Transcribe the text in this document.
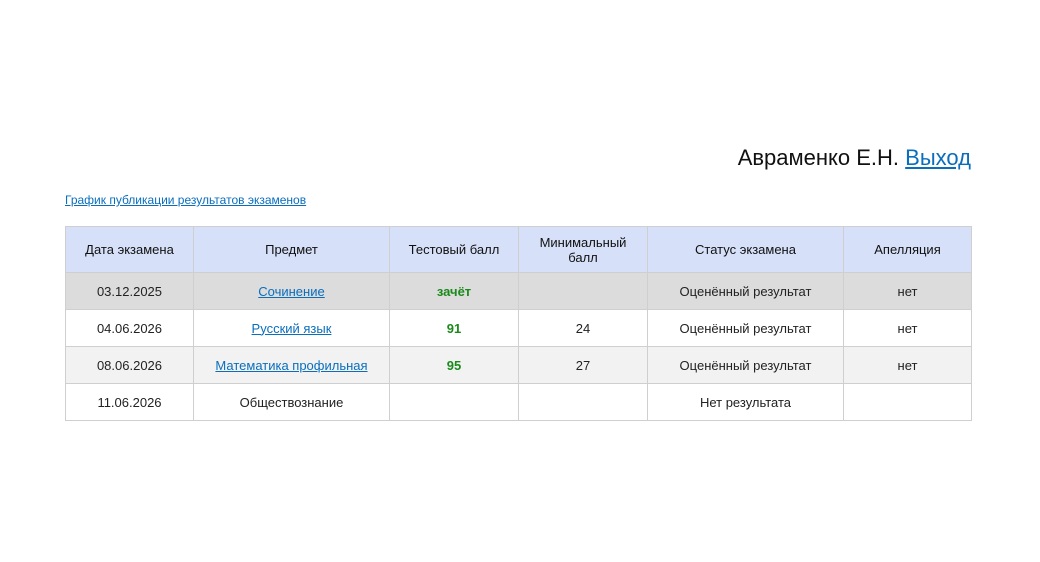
Авраменко Е.Н. Выход
График публикации результатов экзаменов
Дата экзамена	Предмет	Тестовый балл	Минимальный балл	Статус экзамена	Апелляция
03.12.2025	Сочинение	зачёт		Оценённый результат	нет
04.06.2026	Русский язык	91	24	Оценённый результат	нет
08.06.2026	Математика профильная	95	27	Оценённый результат	нет
11.06.2026	Обществознание			Нет результата	
